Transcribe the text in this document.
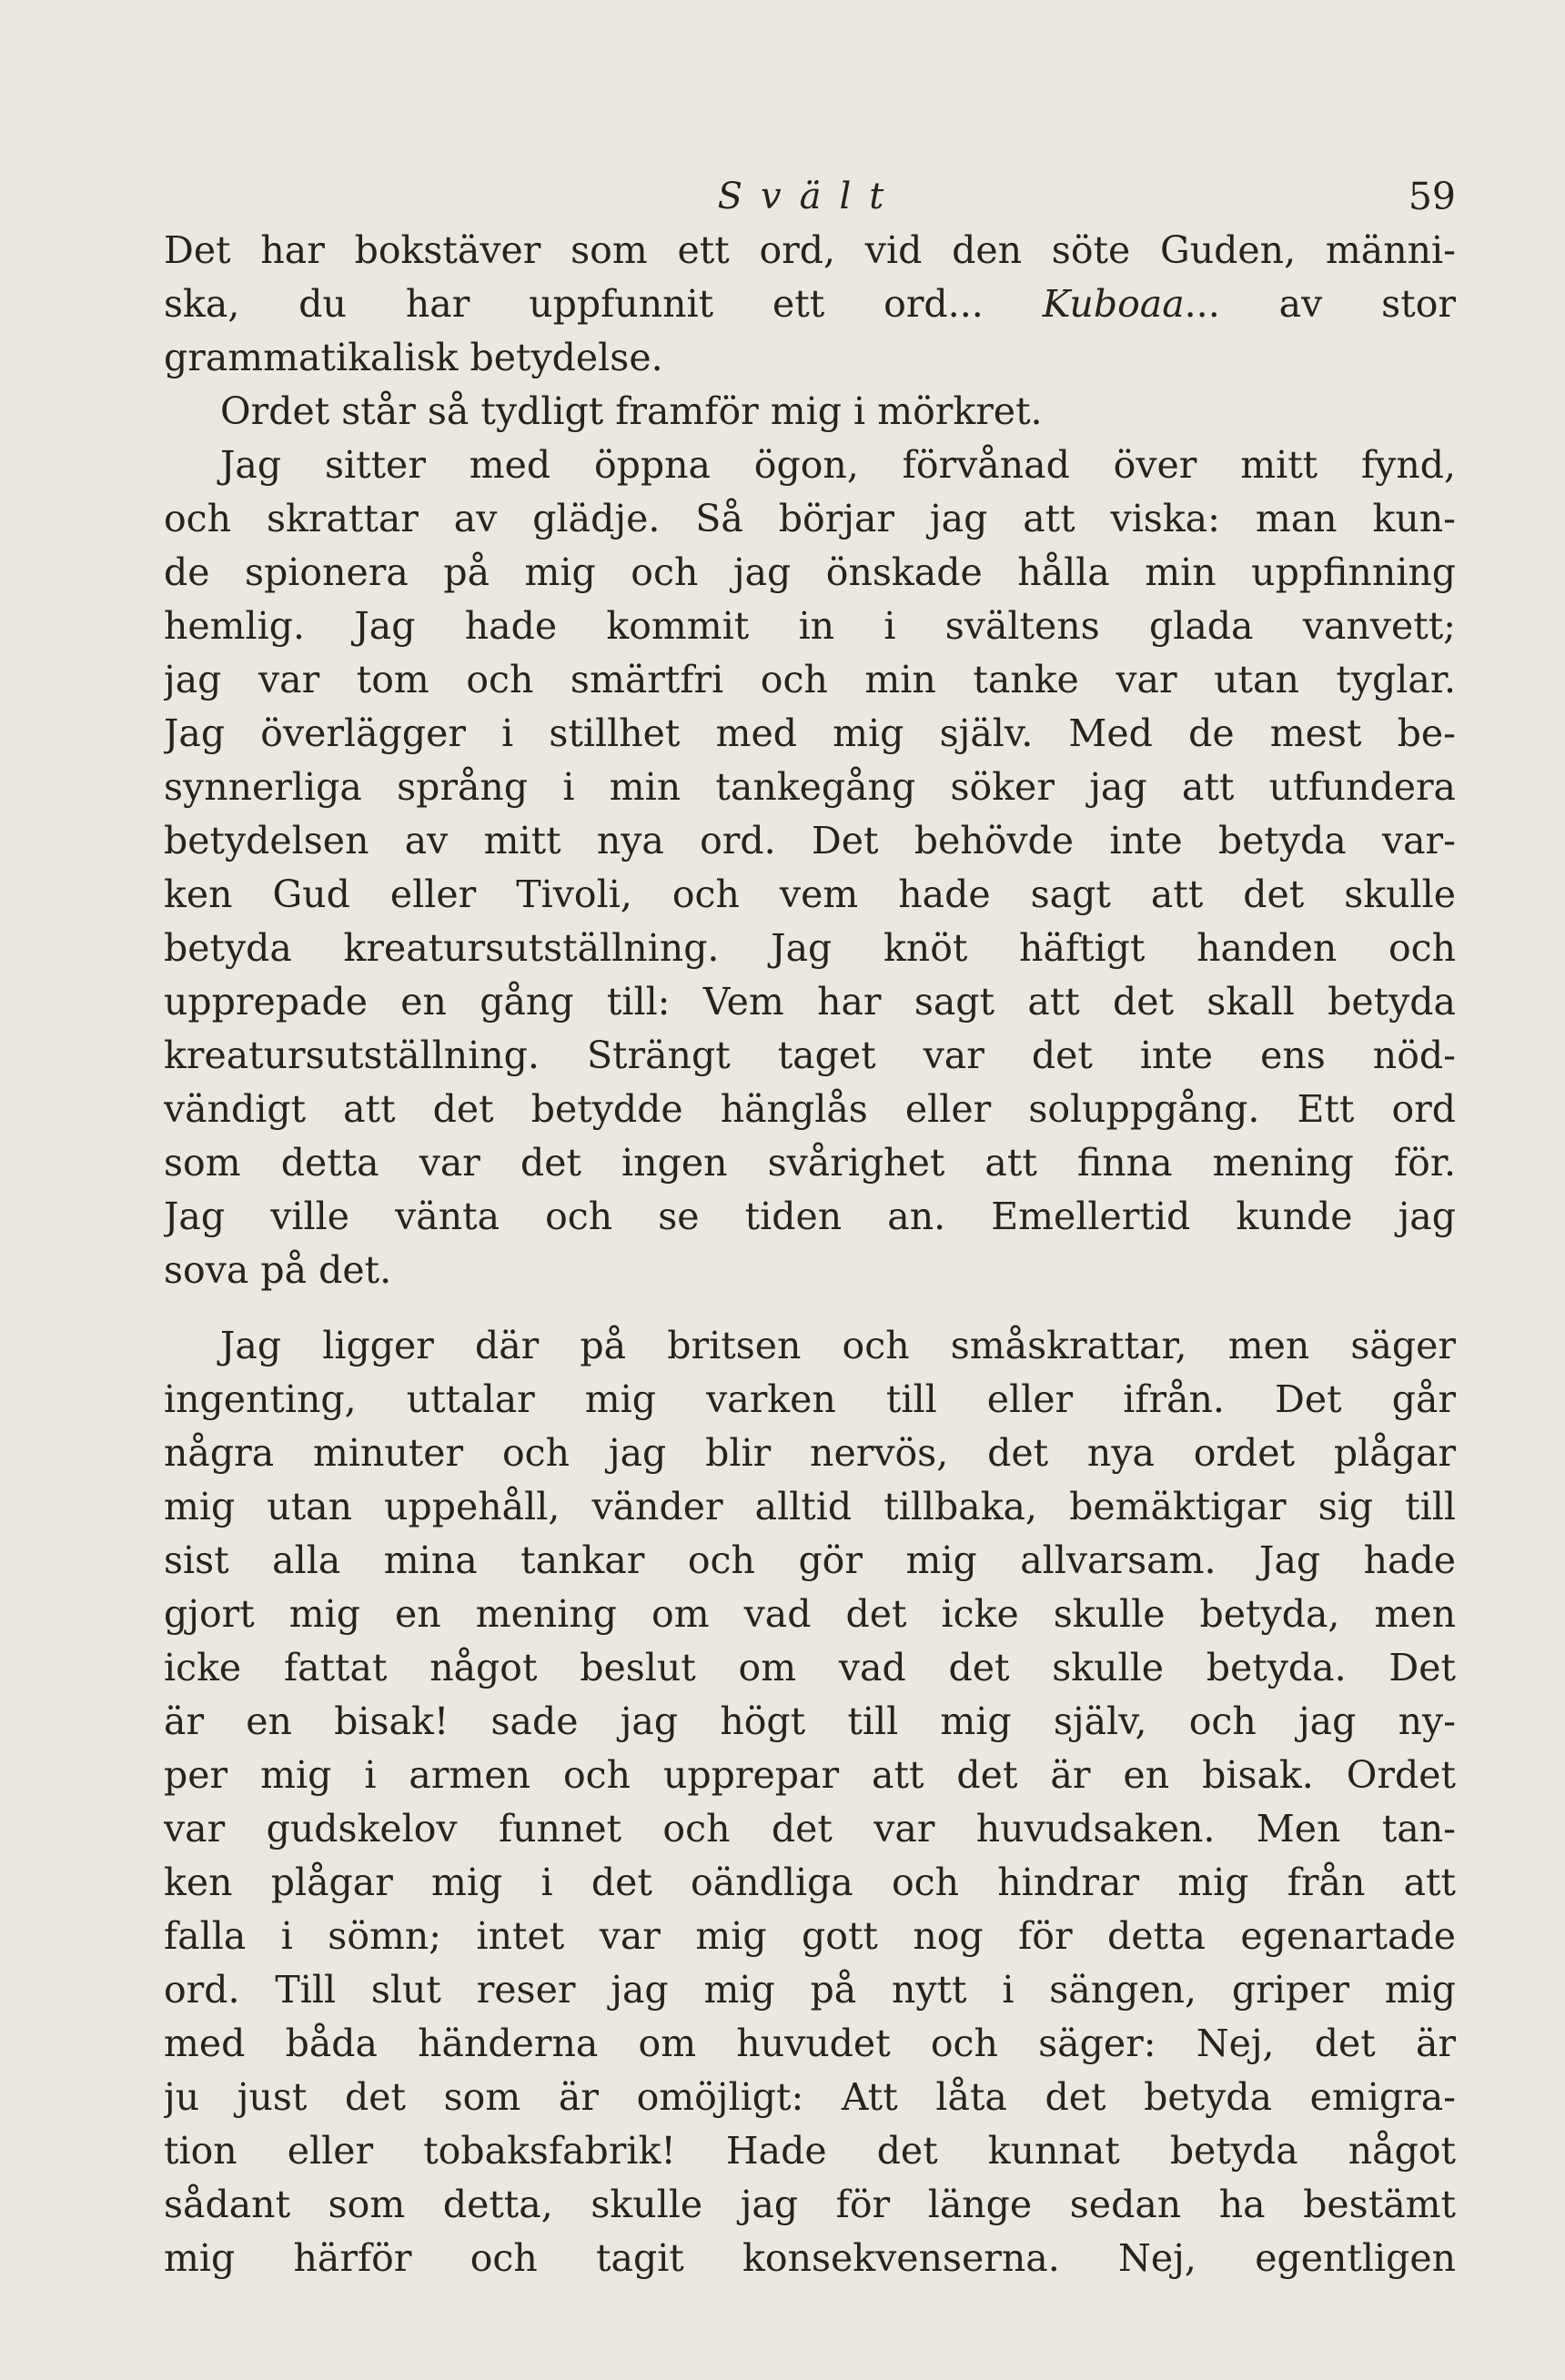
Svält	59
Det har bokstäver som ett ord, vid den söte Guden, männi-
ska, du har uppfunnit ett ord... Kuboaa... av stor
grammatikalisk betydelse.
Ordet står så tydligt framför mig i mörkret.
Jag sitter med öppna ögon, förvånad över mitt fynd,
och skrattar av glädje. Så börjar jag att viska: man kun-
de spionera på mig och jag önskade hålla min uppfinning
hemlig. Jag hade kommit in i svältens glada vanvett;
jag var tom och smärtfri och min tanke var utan tyglar.
Jag överlägger i stillhet med mig själv. Med de mest be-
synnerliga språng i min tankegång söker jag att utfundera
betydelsen av mitt nya ord. Det behövde inte betyda var-
ken Gud eller Tivoli, och vem hade sagt att det skulle
betyda kreatursutställning. Jag knöt häftigt handen och
upprepade en gång till: Vem har sagt att det skall betyda
kreatursutställning. Strängt taget var det inte ens nöd-
vändigt att det betydde hänglås eller soluppgång. Ett ord
som detta var det ingen svårighet att finna mening för.
Jag ville vänta och se tiden an. Emellertid kunde jag
sova på det.
Jag ligger där på britsen och småskrattar, men säger
ingenting, uttalar mig varken till eller ifrån. Det går
några minuter och jag blir nervös, det nya ordet plågar
mig utan uppehåll, vänder alltid tillbaka, bemäktigar sig till
sist alla mina tankar och gör mig allvarsam. Jag hade
gjort mig en mening om vad det icke skulle betyda, men
icke fattat något beslut om vad det skulle betyda. Det
är en bisak! sade jag högt till mig själv, och jag ny-
per mig i armen och upprepar att det är en bisak. Ordet
var gudskelov funnet och det var huvudsaken. Men tan-
ken plågar mig i det oändliga och hindrar mig från att
falla i sömn; intet var mig gott nog för detta egenartade
ord. Till slut reser jag mig på nytt i sängen, griper mig
med båda händerna om huvudet och säger: Nej, det är
ju just det som är omöjligt: Att låta det betyda emigra-
tion eller tobaksfabrik! Hade det kunnat betyda något
sådant som detta, skulle jag för länge sedan ha bestämt
mig härför och tagit konsekvenserna. Nej, egentligen
